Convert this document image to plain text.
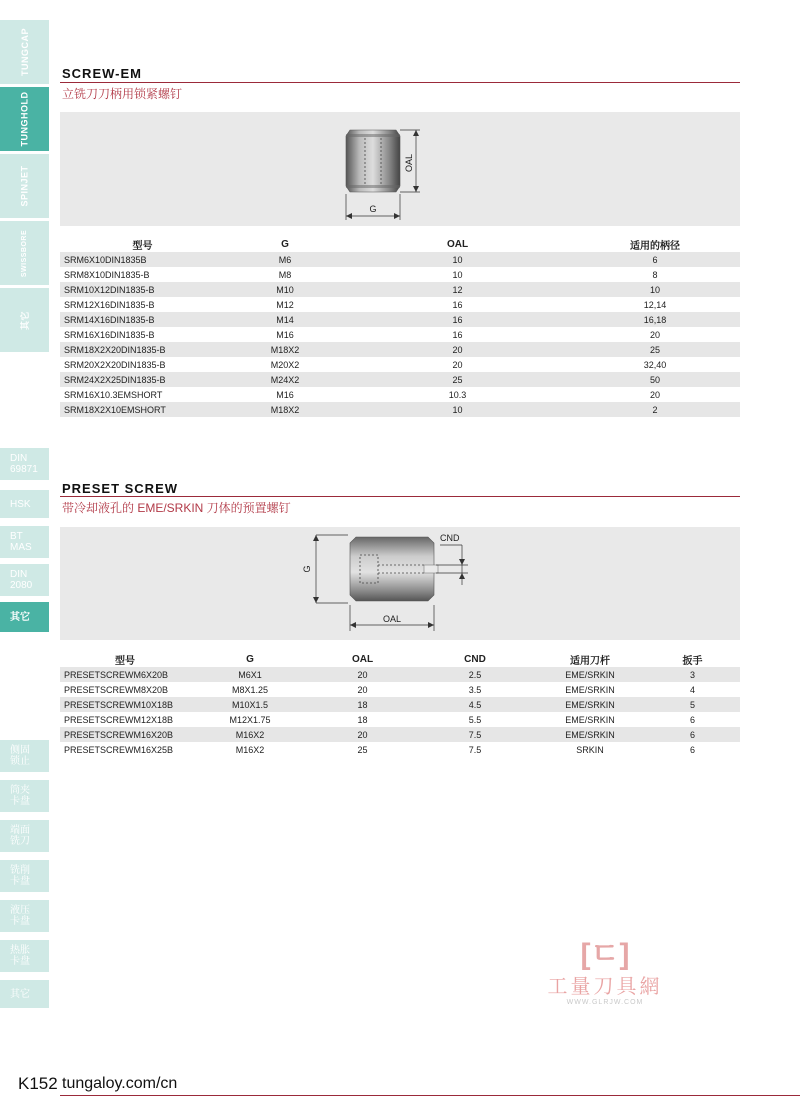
TUNGCAP
TUNGHOLD
SPINJET
SWISSBORE
其它
DIN
69871
HSK
BT
MAS
DIN
2080
其它
侧固
锁止
筒夹
卡盘
端面
铣刀
铣削
卡盘
液压
卡盘
热胀
卡盘
其它
SCREW-EM
立铣刀刀柄用锁紧螺钉
OAL
G
型号	G	OAL	适用的柄径
SRM6X10DIN1835B	M6	10	6
SRM8X10DIN1835-B	M8	10	8
SRM10X12DIN1835-B	M10	12	10
SRM12X16DIN1835-B	M12	16	12,14
SRM14X16DIN1835-B	M14	16	16,18
SRM16X16DIN1835-B	M16	16	20
SRM18X2X20DIN1835-B	M18X2	20	25
SRM20X2X20DIN1835-B	M20X2	20	32,40
SRM24X2X25DIN1835-B	M24X2	25	50
SRM16X10.3EMSHORT	M16	10.3	20
SRM18X2X10EMSHORT	M18X2	10	2
PRESET SCREW
带冷却液孔的 EME/SRKIN 刀体的预置螺钉
G
CND
OAL
型号	G	OAL	CND	适用刀杆	扳手
PRESETSCREWM6X20B	M6X1	20	2.5	EME/SRKIN	3
PRESETSCREWM8X20B	M8X1.25	20	3.5	EME/SRKIN	4
PRESETSCREWM10X18B	M10X1.5	18	4.5	EME/SRKIN	5
PRESETSCREWM12X18B	M12X1.75	18	5.5	EME/SRKIN	6
PRESETSCREWM16X20B	M16X2	20	7.5	EME/SRKIN	6
PRESETSCREWM16X25B	M16X2	25	7.5	SRKIN	6
[ㄷ]
工量刀具網
WWW.GLRJW.COM
K152 tungaloy.com/cn
